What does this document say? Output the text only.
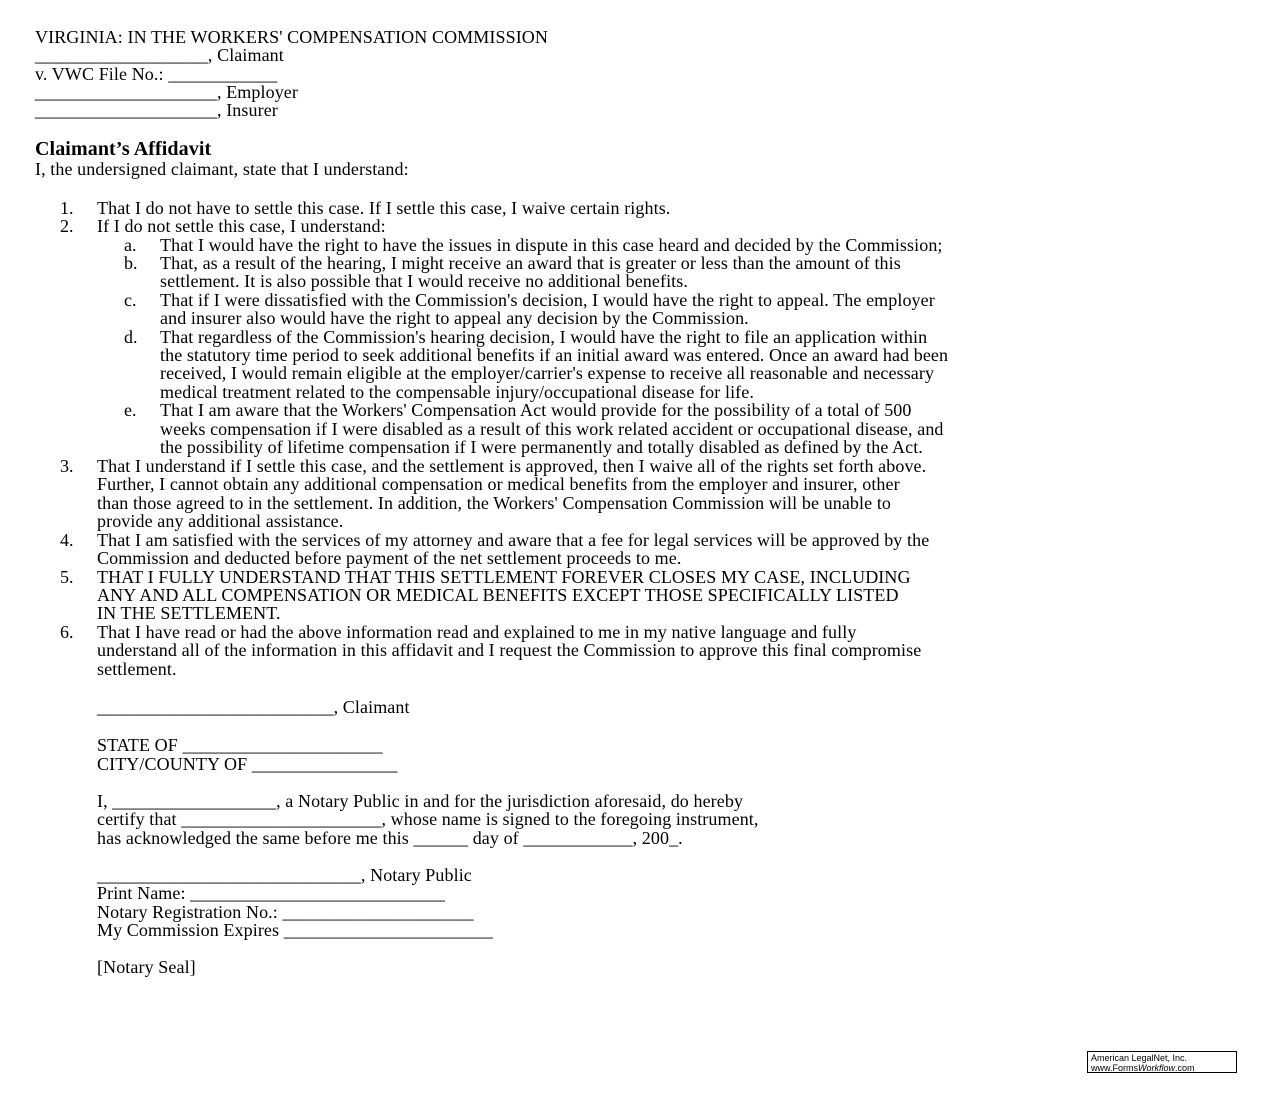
VIRGINIA: IN THE WORKERS' COMPENSATION COMMISSION
___________________, Claimant
v. VWC File No.: ____________
____________________, Employer
____________________, Insurer
Claimant’s Affidavit
I, the undersigned claimant, state that I understand:
1. That I do not have to settle this case. If I settle this case, I waive certain rights.
2. If I do not settle this case, I understand:
a. That I would have the right to have the issues in dispute in this case heard and decided by the Commission;
b. That, as a result of the hearing, I might receive an award that is greater or less than the amount of this
settlement. It is also possible that I would receive no additional benefits.
c. That if I were dissatisfied with the Commission's decision, I would have the right to appeal. The employer
and insurer also would have the right to appeal any decision by the Commission.
d. That regardless of the Commission's hearing decision, I would have the right to file an application within
the statutory time period to seek additional benefits if an initial award was entered. Once an award had been
received, I would remain eligible at the employer/carrier's expense to receive all reasonable and necessary
medical treatment related to the compensable injury/occupational disease for life.
e. That I am aware that the Workers' Compensation Act would provide for the possibility of a total of 500
weeks compensation if I were disabled as a result of this work related accident or occupational disease, and
the possibility of lifetime compensation if I were permanently and totally disabled as defined by the Act.
3. That I understand if I settle this case, and the settlement is approved, then I waive all of the rights set forth above.
Further, I cannot obtain any additional compensation or medical benefits from the employer and insurer, other
than those agreed to in the settlement. In addition, the Workers' Compensation Commission will be unable to
provide any additional assistance.
4. That I am satisfied with the services of my attorney and aware that a fee for legal services will be approved by the
Commission and deducted before payment of the net settlement proceeds to me.
5. THAT I FULLY UNDERSTAND THAT THIS SETTLEMENT FOREVER CLOSES MY CASE, INCLUDING
ANY AND ALL COMPENSATION OR MEDICAL BENEFITS EXCEPT THOSE SPECIFICALLY LISTED
IN THE SETTLEMENT.
6. That I have read or had the above information read and explained to me in my native language and fully
understand all of the information in this affidavit and I request the Commission to approve this final compromise
settlement.
__________________________, Claimant
STATE OF ______________________
CITY/COUNTY OF ________________
I, __________________, a Notary Public in and for the jurisdiction aforesaid, do hereby
certify that ______________________, whose name is signed to the foregoing instrument,
has acknowledged the same before me this ______ day of ____________, 200_.
_____________________________, Notary Public
Print Name: ____________________________
Notary Registration No.: _____________________
My Commission Expires _______________________
[Notary Seal]
American LegalNet, Inc.
www.FormsWorkflow.com
